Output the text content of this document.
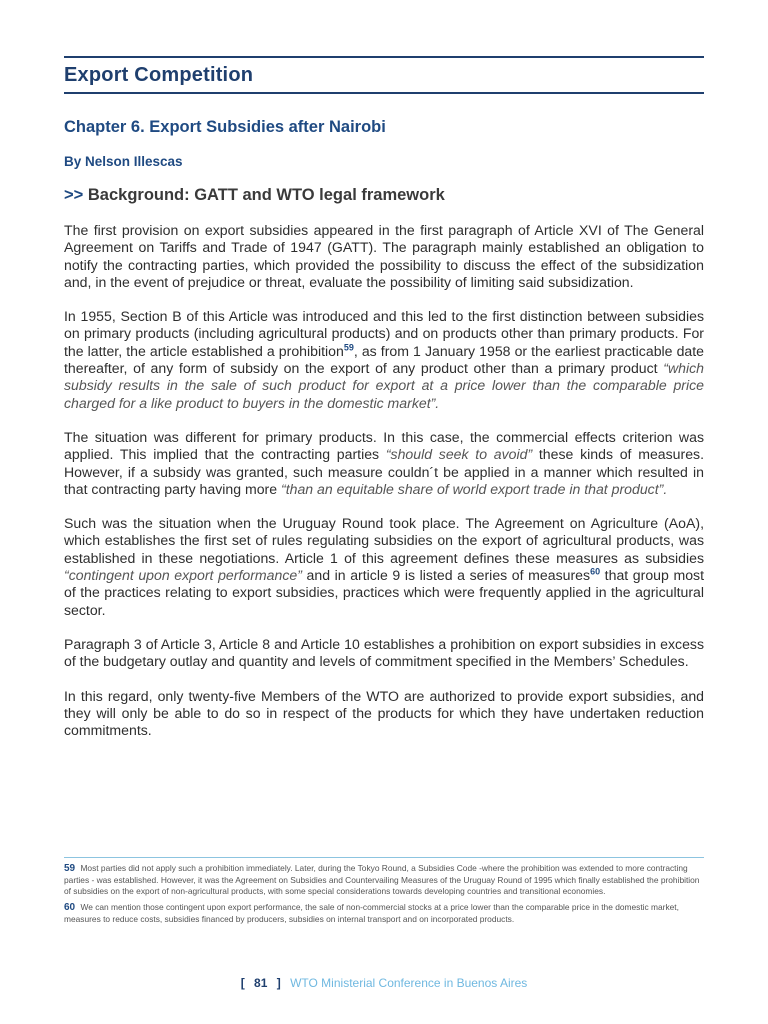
Export Competition
Chapter 6. Export Subsidies after Nairobi
By Nelson Illescas
>> Background: GATT and WTO legal framework

The first provision on export subsidies appeared in the first paragraph of Article XVI of The General Agreement on Tariffs and Trade of 1947 (GATT). The paragraph mainly established an obligation to notify the contracting parties, which provided the possibility to discuss the effect of the subsidization and, in the event of prejudice or threat, evaluate the possibility of limiting said subsidization.

In 1955, Section B of this Article was introduced and this led to the first distinction between subsidies on primary products (including agricultural products) and on products other than primary products. For the latter, the article established a prohibition$^{59}$, as from 1 January 1958 or the earliest practicable date thereafter, of any form of subsidy on the export of any product other than a primary product “which subsidy results in the sale of such product for export at a price lower than the comparable price charged for a like product to buyers in the domestic market”.

The situation was different for primary products. In this case, the commercial effects criterion was applied. This implied that the contracting parties “should seek to avoid” these kinds of measures. However, if a subsidy was granted, such measure couldn´t be applied in a manner which resulted in that contracting party having more “than an equitable share of world export trade in that product”.

Such was the situation when the Uruguay Round took place. The Agreement on Agriculture (AoA), which establishes the first set of rules regulating subsidies on the export of agricultural products, was established in these negotiations. Article 1 of this agreement defines these measures as subsidies “contingent upon export performance” and in article 9 is listed a series of measures$^{60}$ that group most of the practices relating to export subsidies, practices which were frequently applied in the agricultural sector.

Paragraph 3 of Article 3, Article 8 and Article 10 establishes a prohibition on export subsidies in excess of the budgetary outlay and quantity and levels of commitment specified in the Members’ Schedules.

In this regard, only twenty-five Members of the WTO are authorized to provide export subsidies, and they will only be able to do so in respect of the products for which they have undertaken reduction commitments.

59 Most parties did not apply such a prohibition immediately. Later, during the Tokyo Round, a Subsidies Code -where the prohibition was extended to more contracting parties - was established. However, it was the Agreement on Subsidies and Countervailing Measures of the Uruguay Round of 1995 which finally established the prohibition of subsidies on the export of non-agricultural products, with some special considerations towards developing countries and transitional economies.

60 We can mention those contingent upon export performance, the sale of non-commercial stocks at a price lower than the comparable price in the domestic market, measures to reduce costs, subsidies financed by producers, subsidies on internal transport and on incorporated products.

[ 81 ] WTO Ministerial Conference in Buenos Aires
